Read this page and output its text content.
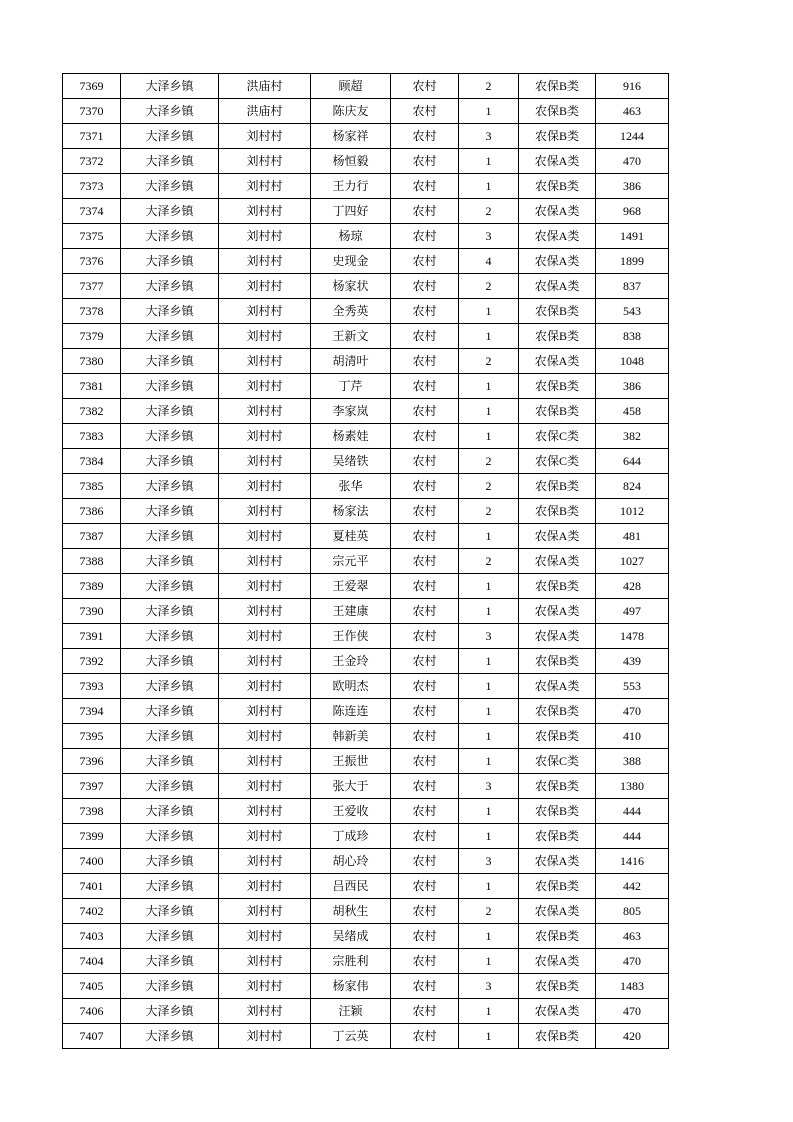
7369	大泽乡镇	洪庙村	顾超	农村	2	农保B类	916
7370	大泽乡镇	洪庙村	陈庆友	农村	1	农保B类	463
7371	大泽乡镇	刘村村	杨家祥	农村	3	农保B类	1244
7372	大泽乡镇	刘村村	杨恒毅	农村	1	农保A类	470
7373	大泽乡镇	刘村村	王力行	农村	1	农保B类	386
7374	大泽乡镇	刘村村	丁四好	农村	2	农保A类	968
7375	大泽乡镇	刘村村	杨琼	农村	3	农保A类	1491
7376	大泽乡镇	刘村村	史现金	农村	4	农保A类	1899
7377	大泽乡镇	刘村村	杨家状	农村	2	农保A类	837
7378	大泽乡镇	刘村村	全秀英	农村	1	农保B类	543
7379	大泽乡镇	刘村村	王新文	农村	1	农保B类	838
7380	大泽乡镇	刘村村	胡清叶	农村	2	农保A类	1048
7381	大泽乡镇	刘村村	丁芹	农村	1	农保B类	386
7382	大泽乡镇	刘村村	李家岚	农村	1	农保B类	458
7383	大泽乡镇	刘村村	杨素娃	农村	1	农保C类	382
7384	大泽乡镇	刘村村	吴绪铁	农村	2	农保C类	644
7385	大泽乡镇	刘村村	张华	农村	2	农保B类	824
7386	大泽乡镇	刘村村	杨家法	农村	2	农保B类	1012
7387	大泽乡镇	刘村村	夏桂英	农村	1	农保A类	481
7388	大泽乡镇	刘村村	宗元平	农村	2	农保A类	1027
7389	大泽乡镇	刘村村	王爱翠	农村	1	农保B类	428
7390	大泽乡镇	刘村村	王建康	农村	1	农保A类	497
7391	大泽乡镇	刘村村	王作侠	农村	3	农保A类	1478
7392	大泽乡镇	刘村村	王金玲	农村	1	农保B类	439
7393	大泽乡镇	刘村村	欧明杰	农村	1	农保A类	553
7394	大泽乡镇	刘村村	陈连连	农村	1	农保B类	470
7395	大泽乡镇	刘村村	韩新美	农村	1	农保B类	410
7396	大泽乡镇	刘村村	王振世	农村	1	农保C类	388
7397	大泽乡镇	刘村村	张大于	农村	3	农保B类	1380
7398	大泽乡镇	刘村村	王爱收	农村	1	农保B类	444
7399	大泽乡镇	刘村村	丁成珍	农村	1	农保B类	444
7400	大泽乡镇	刘村村	胡心玲	农村	3	农保A类	1416
7401	大泽乡镇	刘村村	吕西民	农村	1	农保B类	442
7402	大泽乡镇	刘村村	胡秋生	农村	2	农保A类	805
7403	大泽乡镇	刘村村	吴绪成	农村	1	农保B类	463
7404	大泽乡镇	刘村村	宗胜利	农村	1	农保A类	470
7405	大泽乡镇	刘村村	杨家伟	农村	3	农保B类	1483
7406	大泽乡镇	刘村村	汪颖	农村	1	农保A类	470
7407	大泽乡镇	刘村村	丁云英	农村	1	农保B类	420
